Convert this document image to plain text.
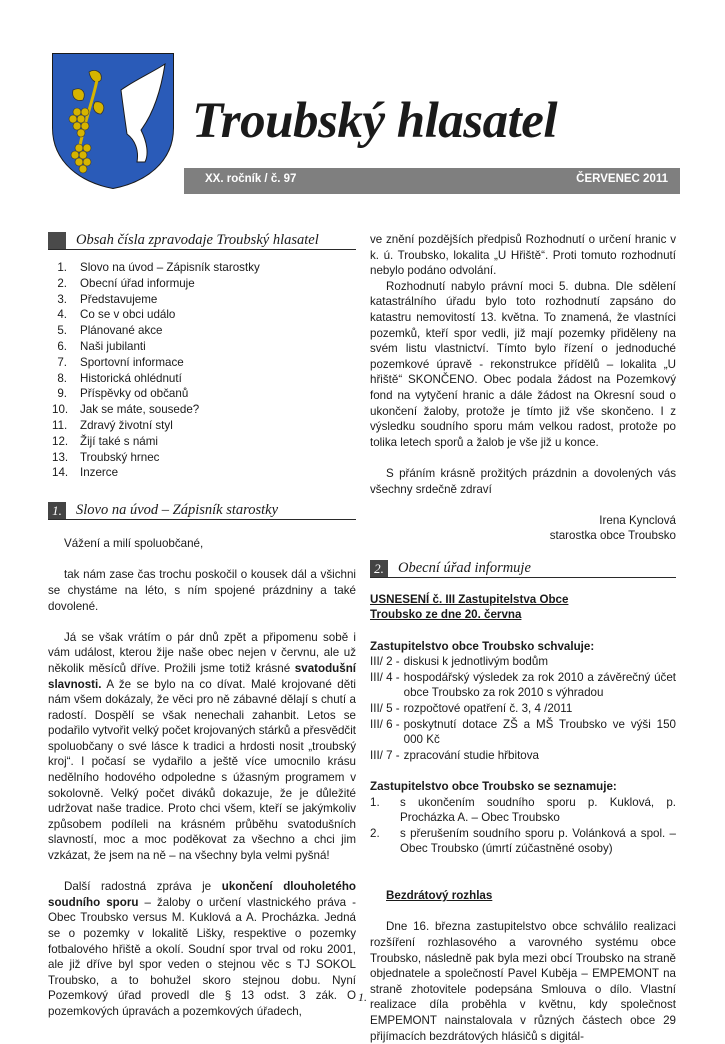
Troubský hlasatel
XX. ročník / č. 97	ČERVENEC 2011
Obsah čísla zpravodaje Troubský hlasatel
1.	Slovo na úvod – Zápisník starostky
2.	Obecní úřad informuje
3.	Představujeme
4.	Co se v obci událo
5.	Plánované akce
6.	Naši jubilanti
7.	Sportovní informace
8.	Historická ohlédnutí
9.	Příspěvky od občanů
10.	Jak se máte, sousede?
11.	Zdravý životní styl
12.	Žijí také s námi
13.	Troubský hrnec
14.	Inzerce
1. Slovo na úvod – Zápisník starostky

Vážení a milí spoluobčané,

tak nám zase čas trochu poskočil o kousek dál a všichni se chystáme na léto, s ním spojené prázdniny a také dovolené.

Já se však vrátím o pár dnů zpět a připomenu sobě i vám událost, kterou žije naše obec nejen v červnu, ale už několik měsíců dříve. Prožili jsme totiž krásné svatodušní slavnosti. A že se bylo na co dívat. Malé krojované děti nám všem dokázaly, že věci pro ně zábavné dělají s chutí a radostí. Dospělí se však nenechali zahanbit. Letos se podařilo vytvořit velký počet krojovaných stárků a přesvědčit spoluobčany o své lásce k tradici a hrdosti nosit „troubský kroj“. I počasí se vydařilo a ještě více umocnilo krásu nedělního hodového odpoledne s úžasným programem v sokolovně. Velký počet diváků dokazuje, že je důležité udržovat naše tradice. Proto chci všem, kteří se jakýmkoliv způsobem podíleli na krásném průběhu svatodušních slavností, moc a moc poděkovat za všechno a chci jim vzkázat, že jsem na ně – na všechny byla velmi pyšná!

Další radostná zpráva je ukončení dlouholetého soudního sporu – žaloby o určení vlastnického práva - Obec Troubsko versus M. Kuklová a A. Procházka. Jedná se o pozemky v lokalitě Lišky, respektive o pozemky fotbalového hřiště a okolí. Soudní spor trval od roku 2001, ale již dříve byl spor veden o stejnou věc s TJ SOKOL Troubsko, a to bohužel skoro stejnou dobu. Nyní Pozemkový úřad provedl dle § 13 odst. 3 zák. O pozemkových úpravách a pozemkových úřadech,

ve znění pozdějších předpisů Rozhodnutí o určení hranic v k. ú. Troubsko, lokalita „U Hřiště“. Proti tomuto rozhodnutí nebylo podáno odvolání.

Rozhodnutí nabylo právní moci 5. dubna. Dle sdělení katastrálního úřadu bylo toto rozhodnutí zapsáno do katastru nemovitostí 13. května. To znamená, že vlastníci pozemků, kteří spor vedli, již mají pozemky přiděleny na svém listu vlastnictví. Tímto bylo řízení o jednoduché pozemkové úpravě - rekonstrukce přídělů – lokalita „U hřiště“ SKONČENO. Obec podala žádost na Pozemkový fond na vytyčení hranic a dále žádost na Okresní soud o ukončení žaloby, protože je tímto již vše skončeno. I z výsledku soudního sporu mám velkou radost, protože po tolika letech sporů a žalob je vše již u konce.

S přáním krásně prožitých prázdnin a dovolených vás všechny srdečně zdraví

Irena Kynclová

starostka obce Troubsko

2. Obecní úřad informuje

USNESENÍ č. III Zastupitelstva Obce Troubsko ze dne 20. června

Zastupitelstvo obce Troubsko schvaluje:

III/ 2 - diskusi k jednotlivým bodům
III/ 4 - hospodářský výsledek za rok 2010 a závěrečný účet obce Troubsko za rok 2010 s výhradou
III/ 5 - rozpočtové opatření č. 3, 4 /2011
III/ 6 - poskytnutí dotace ZŠ a MŠ Troubsko ve výši 150 000 Kč
III/ 7 - zpracování studie hřbitova

Zastupitelstvo obce Troubsko se seznamuje:

1.	s ukončením soudního sporu p. Kuklová, p. Procházka A. – Obec Troubsko
2.	s přerušením soudního sporu p. Volánková a spol. – Obec Troubsko (úmrtí zúčastněné osoby)

Bezdrátový rozhlas

Dne 16. března zastupitelstvo obce schválilo realizaci rozšíření rozhlasového a varovného systému obce Troubsko, následně pak byla mezi obcí Troubsko na straně objednatele a společností Pavel Kuběja – EMPEMONT na straně zhotovitele podepsána Smlouva o dílo. Vlastní realizace díla proběhla v květnu, kdy společnost EMPEMONT nainstalovala v různých částech obce 29 přijímacích bezdrátových hlásičů s digitál-

1.
